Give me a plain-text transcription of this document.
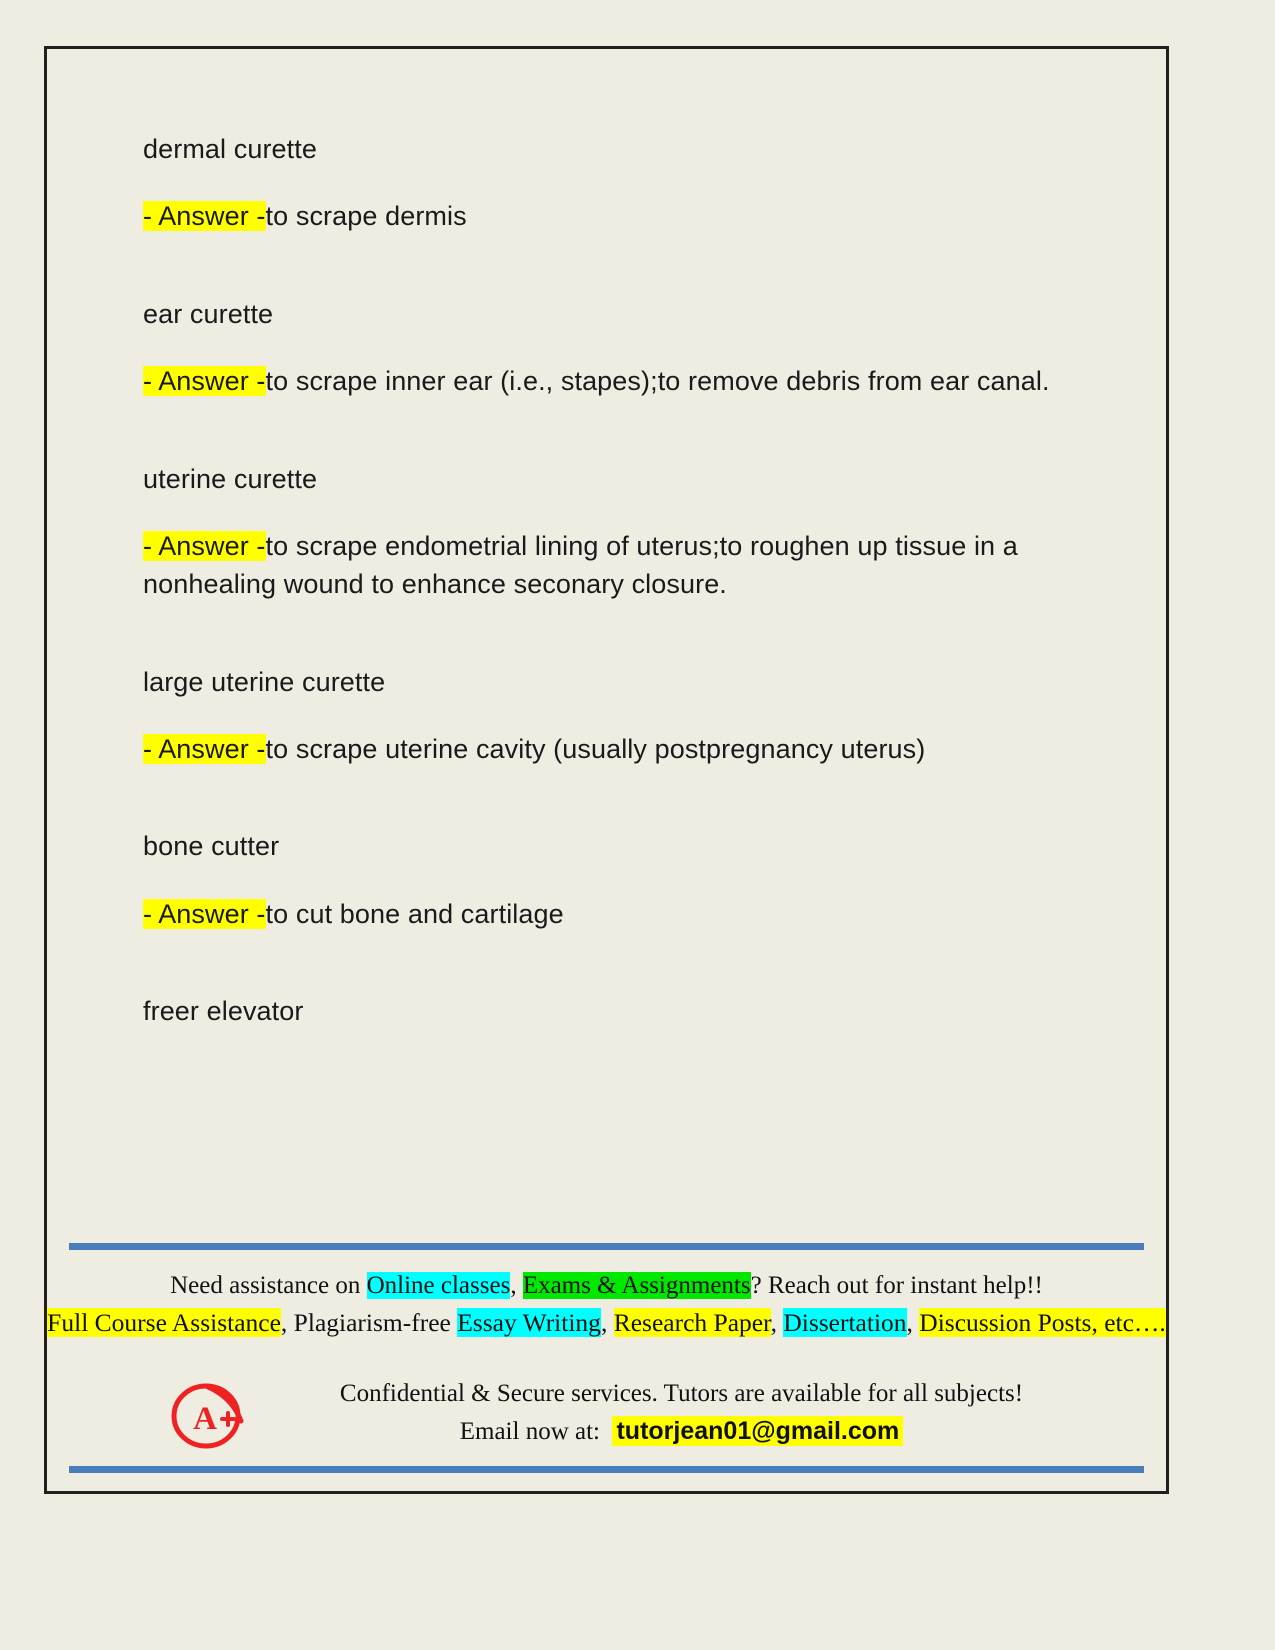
dermal curette
- Answer -to scrape dermis
ear curette
- Answer -to scrape inner ear (i.e., stapes);to remove debris from ear canal.
uterine curette
- Answer -to scrape endometrial lining of uterus;to roughen up tissue in a nonhealing wound to enhance seconary closure.
large uterine curette
- Answer -to scrape uterine cavity (usually postpregnancy uterus)
bone cutter
- Answer -to cut bone and cartilage
freer elevator
Need assistance on Online classes, Exams & Assignments? Reach out for instant help!!
Full Course Assistance, Plagiarism-free Essay Writing, Research Paper, Dissertation, Discussion Posts, etc….
A
Confidential & Secure services. Tutors are available for all subjects!
Email now at: tutorjean01@gmail.com
